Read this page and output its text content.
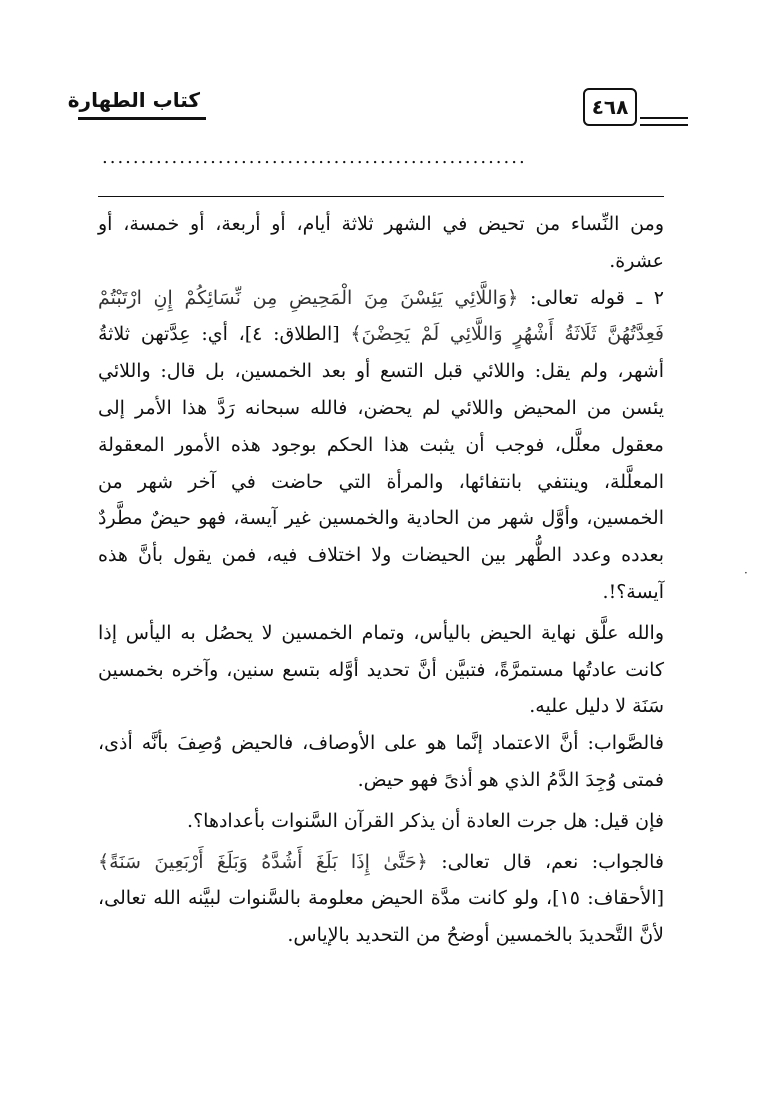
كتاب الطهارة	٤٦٨
.......................................................

ومن النِّساء من تحيض في الشهر ثلاثة أيام، أو أربعة، أو خمسة، أو عشرة.

٢ ـ قوله تعالى: ﴿وَاللَّائِي يَئِسْنَ مِنَ الْمَحِيضِ مِن نِّسَائِكُمْ إِنِ ارْتَبْتُمْ فَعِدَّتُهُنَّ ثَلَاثَةُ أَشْهُرٍ وَاللَّائِي لَمْ يَحِضْنَ﴾ [الطلاق: ٤]، أي: عِدَّتهن ثلاثةُ أشهر، ولم يقل: واللائي قبل التسع أو بعد الخمسين، بل قال: واللائي يئسن من المحيض واللائي لم يحضن، فالله سبحانه رَدَّ هذا الأمر إلى معقول معلَّل، فوجب أن يثبت هذا الحكم بوجود هذه الأمور المعقولة المعلَّلة، وينتفي بانتفائها، والمرأة التي حاضت في آخر شهر من الخمسين، وأوَّل شهر من الحادية والخمسين غير آيسة، فهو حيضٌ مطَّردٌ بعدده وعدد الطُّهر بين الحيضات ولا اختلاف فيه، فمن يقول بأنَّ هذه آيسة؟!.

والله علَّق نهاية الحيض باليأس، وتمام الخمسين لا يحصُل به اليأس إذا كانت عادتُها مستمرَّةً، فتبيَّن أنَّ تحديد أوَّله بتسع سنين، وآخره بخمسين سَنَة لا دليل عليه.

فالصَّواب: أنَّ الاعتماد إنَّما هو على الأوصاف، فالحيض وُصِفَ بأنَّه أذى، فمتى وُجِدَ الدَّمُ الذي هو أذىً فهو حيض.

فإن قيل: هل جرت العادة أن يذكر القرآن السَّنوات بأعدادها؟.

فالجواب: نعم، قال تعالى: ﴿حَتَّىٰ إِذَا بَلَغَ أَشُدَّهُ وَبَلَغَ أَرْبَعِينَ سَنَةً﴾ [الأحقاف: ١٥]، ولو كانت مدَّة الحيض معلومة بالسَّنوات لبيَّنه الله تعالى، لأنَّ التَّحديدَ بالخمسين أوضحُ من التحديد بالإياس.

·
